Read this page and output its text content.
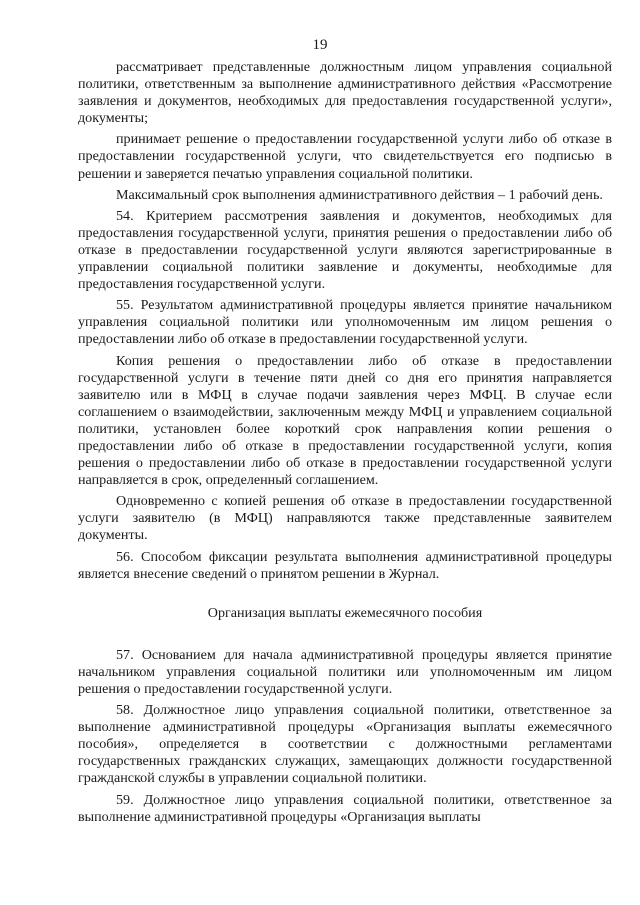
19

рассматривает представленные должностным лицом управления социальной политики, ответственным за выполнение административного действия «Рассмотрение заявления и документов, необходимых для предоставления государственной услуги», документы;

принимает решение о предоставлении государственной услуги либо об отказе в предоставлении государственной услуги, что свидетельствуется его подписью в решении и заверяется печатью управления социальной политики.

Максимальный срок выполнения административного действия – 1 рабочий день.

54. Критерием рассмотрения заявления и документов, необходимых для предоставления государственной услуги, принятия решения о предоставлении либо об отказе в предоставлении государственной услуги являются зарегистрированные в управлении социальной политики заявление и документы, необходимые для предоставления государственной услуги.

55. Результатом административной процедуры является принятие начальником управления социальной политики или уполномоченным им лицом решения о предоставлении либо об отказе в предоставлении государственной услуги.

Копия решения о предоставлении либо об отказе в предоставлении государственной услуги в течение пяти дней со дня его принятия направляется заявителю или в МФЦ в случае подачи заявления через МФЦ. В случае если соглашением о взаимодействии, заключенным между МФЦ и управлением социальной политики, установлен более короткий срок направления копии решения о предоставлении либо об отказе в предоставлении государственной услуги, копия решения о предоставлении либо об отказе в предоставлении государственной услуги направляется в срок, определенный соглашением.

Одновременно с копией решения об отказе в предоставлении государственной услуги заявителю (в МФЦ) направляются также представленные заявителем документы.

56. Способом фиксации результата выполнения административной процедуры является внесение сведений о принятом решении в Журнал.

Организация выплаты ежемесячного пособия

57. Основанием для начала административной процедуры является принятие начальником управления социальной политики или уполномоченным им лицом решения о предоставлении государственной услуги.

58. Должностное лицо управления социальной политики, ответственное за выполнение административной процедуры «Организация выплаты ежемесячного пособия», определяется в соответствии с должностными регламентами государственных гражданских служащих, замещающих должности государственной гражданской службы в управлении социальной политики.

59. Должностное лицо управления социальной политики, ответственное за выполнение административной процедуры «Организация выплаты
